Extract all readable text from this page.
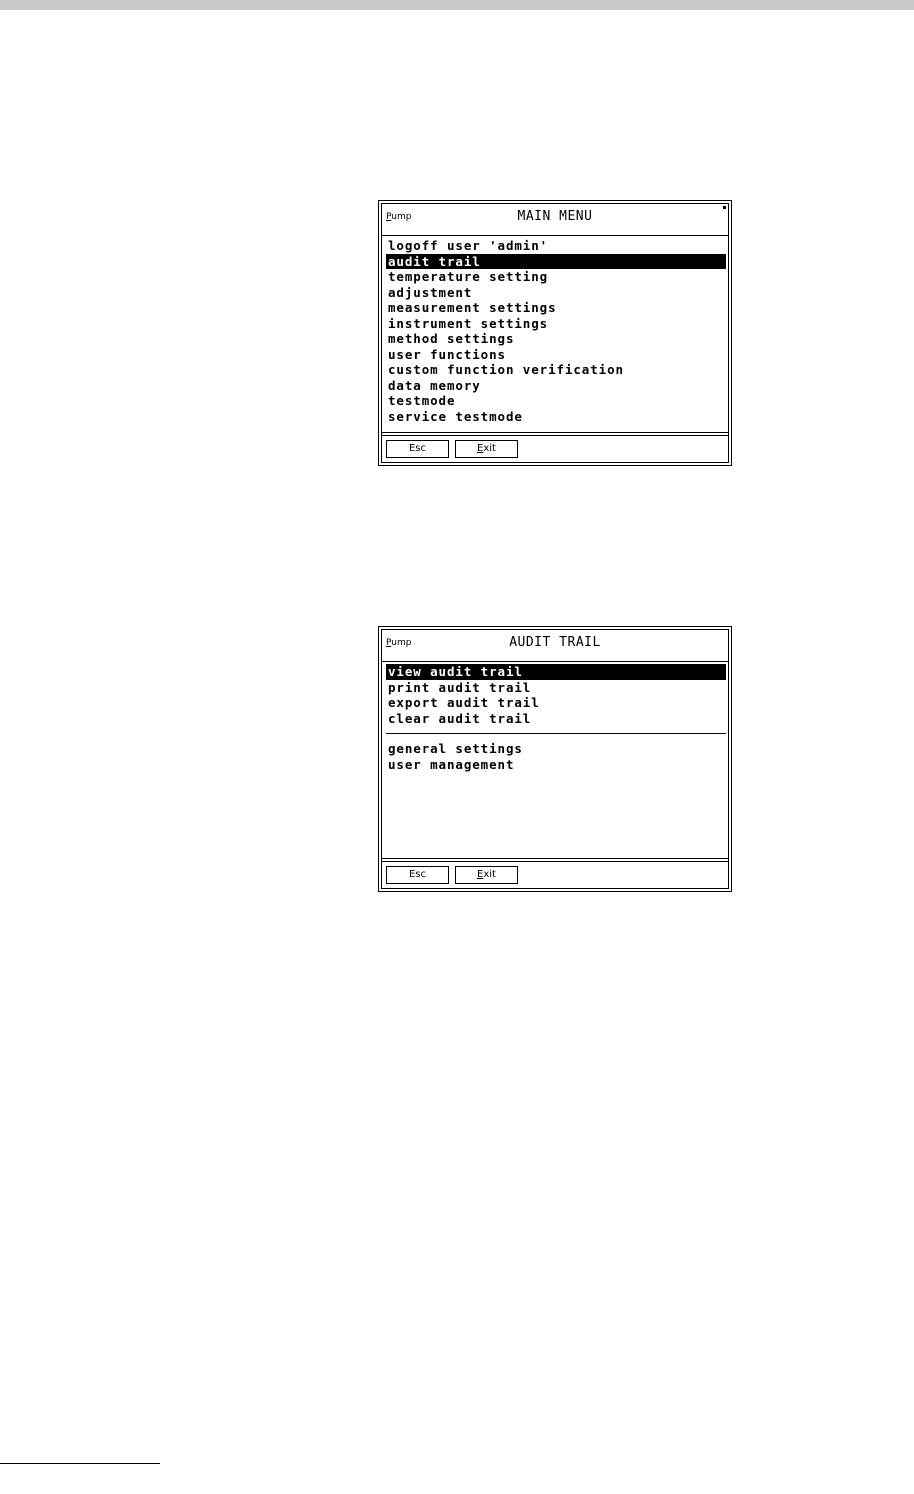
Pump	MAIN MENU
logoff user 'admin'
audit trail
temperature setting
adjustment
measurement settings
instrument settings
method settings
user functions
custom function verification
data memory
testmode
service testmode
Esc	Exit
Pump	AUDIT TRAIL
view audit trail
print audit trail
export audit trail
clear audit trail
general settings
user management
Esc	Exit
